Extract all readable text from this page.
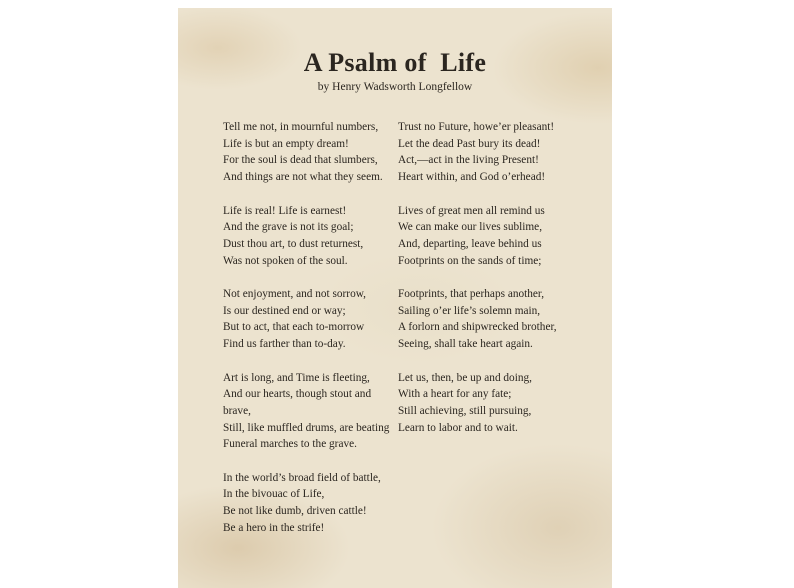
A Psalm of  Life

by Henry Wadsworth Longfellow

Tell me not, in mournful numbers,
Life is but an empty dream!
For the soul is dead that slumbers,
And things are not what they seem.
Life is real! Life is earnest!
And the grave is not its goal;
Dust thou art, to dust returnest,
Was not spoken of the soul.
Not enjoyment, and not sorrow,
Is our destined end or way;
But to act, that each to-morrow
Find us farther than to-day.
Art is long, and Time is fleeting,
And our hearts, though stout and
brave,
Still, like muffled drums, are beating
Funeral marches to the grave.
In the world’s broad field of battle,
In the bivouac of Life,
Be not like dumb, driven cattle!
Be a hero in the strife!
Trust no Future, howe’er pleasant!
Let the dead Past bury its dead!
Act,—act in the living Present!
Heart within, and God o’erhead!
Lives of great men all remind us
We can make our lives sublime,
And, departing, leave behind us
Footprints on the sands of time;
Footprints, that perhaps another,
Sailing o’er life’s solemn main,
A forlorn and shipwrecked brother,
Seeing, shall take heart again.
Let us, then, be up and doing,
With a heart for any fate;
Still achieving, still pursuing,
Learn to labor and to wait.
